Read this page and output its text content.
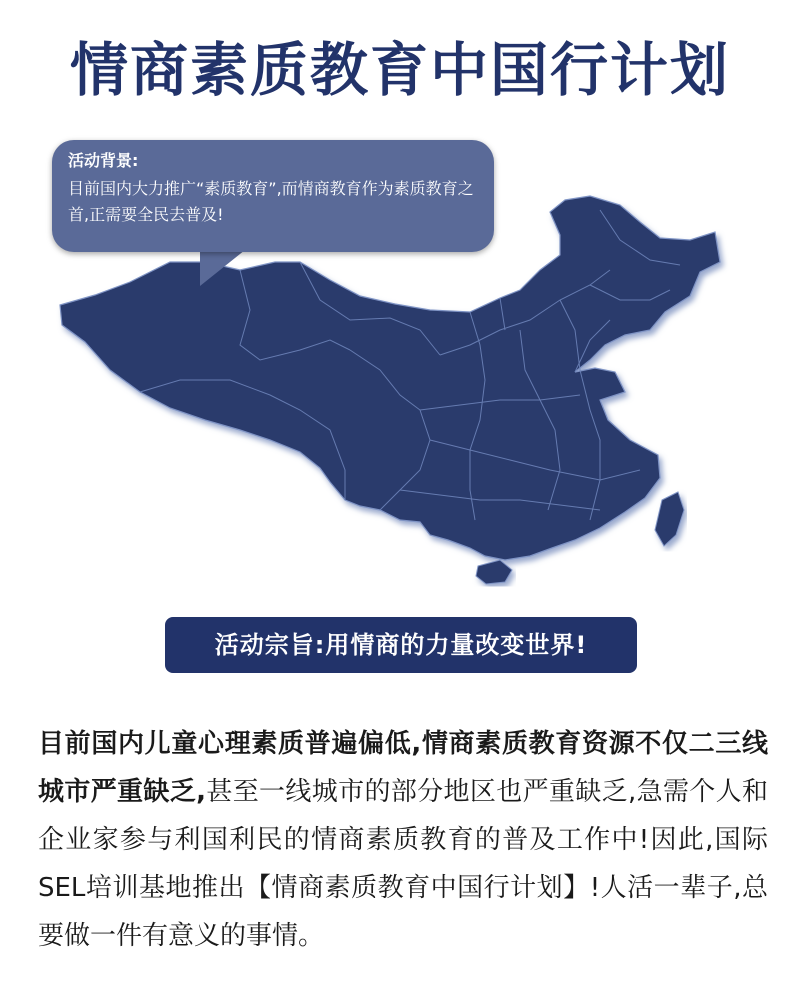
情商素质教育中国行计划
活动背景:
目前国内大力推广“素质教育”,而情商教育作为素质教育之首,正需要全民去普及!
活动宗旨:用情商的力量改变世界!
目前国内儿童心理素质普遍偏低,情商素质教育资源不仅二三线城市严重缺乏,甚至一线城市的部分地区也严重缺乏,急需个人和企业家参与利国利民的情商素质教育的普及工作中!因此,国际SEL培训基地推出【情商素质教育中国行计划】!人活一辈子,总要做一件有意义的事情。
